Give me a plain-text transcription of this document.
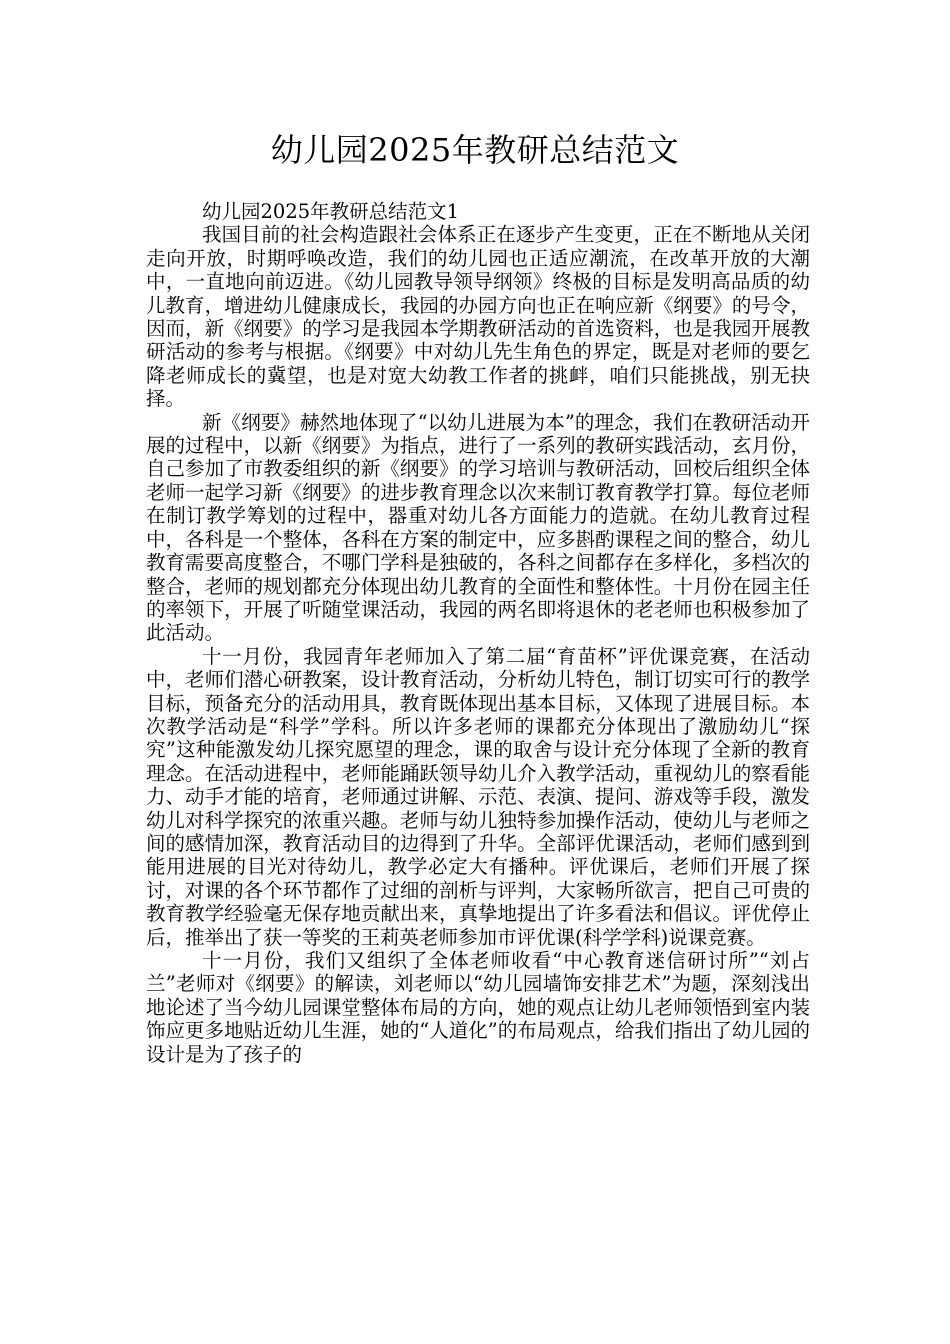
幼儿园2025年教研总结范文

幼儿园2025年教研总结范文1

我国目前的社会构造跟社会体系正在逐步产生变更，正在不断地从关闭走向开放，时期呼唤改造，我们的幼儿园也正适应潮流，在改革开放的大潮中，一直地向前迈进。《幼儿园教导领导纲领》终极的目标是发明高品质的幼儿教育，增进幼儿健康成长，我园的办园方向也正在响应新《纲要》的号令，因而，新《纲要》的学习是我园本学期教研活动的首选资料，也是我园开展教研活动的参考与根据。《纲要》中对幼儿先生角色的界定，既是对老师的要乞降老师成长的冀望，也是对宽大幼教工作者的挑衅，咱们只能挑战，别无抉择。

新《纲要》赫然地体现了“以幼儿进展为本”的理念，我们在教研活动开展的过程中，以新《纲要》为指点，进行了一系列的教研实践活动，玄月份，自己参加了市教委组织的新《纲要》的学习培训与教研活动，回校后组织全体老师一起学习新《纲要》的进步教育理念以次来制订教育教学打算。每位老师在制订教学筹划的过程中，器重对幼儿各方面能力的造就。在幼儿教育过程中，各科是一个整体，各科在方案的制定中，应多斟酌课程之间的整合，幼儿教育需要高度整合，不哪门学科是独破的，各科之间都存在多样化，多档次的整合，老师的规划都充分体现出幼儿教育的全面性和整体性。十月份在园主任的率领下，开展了听随堂课活动，我园的两名即将退休的老老师也积极参加了此活动。

十一月份，我园青年老师加入了第二届“育苗杯”评优课竞赛，在活动中，老师们潜心研教案，设计教育活动，分析幼儿特色，制订切实可行的教学目标，预备充分的活动用具，教育既体现出基本目标，又体现了进展目标。本次教学活动是“科学”学科。所以许多老师的课都充分体现出了激励幼儿“探究”这种能激发幼儿探究愿望的理念，课的取舍与设计充分体现了全新的教育理念。在活动进程中，老师能踊跃领导幼儿介入教学活动，重视幼儿的察看能力、动手才能的培育，老师通过讲解、示范、表演、提问、游戏等手段，激发幼儿对科学探究的浓重兴趣。老师与幼儿独特参加操作活动，使幼儿与老师之间的感情加深，教育活动目的边得到了升华。全部评优课活动，老师们感到到能用进展的目光对待幼儿，教学必定大有播种。评优课后，老师们开展了探讨，对课的各个环节都作了过细的剖析与评判，大家畅所欲言，把自己可贵的教育教学经验毫无保存地贡献出来，真挚地提出了许多看法和倡议。评优停止后，推举出了获一等奖的王莉英老师参加市评优课(科学学科)说课竞赛。

十一月份，我们又组织了全体老师收看“中心教育迷信研讨所”“刘占兰”老师对《纲要》的解读，刘老师以“幼儿园墙饰安排艺术”为题，深刻浅出地论述了当今幼儿园课堂整体布局的方向，她的观点让幼儿老师领悟到室内装饰应更多地贴近幼儿生涯，她的“人道化”的布局观点，给我们指出了幼儿园的设计是为了孩子的
